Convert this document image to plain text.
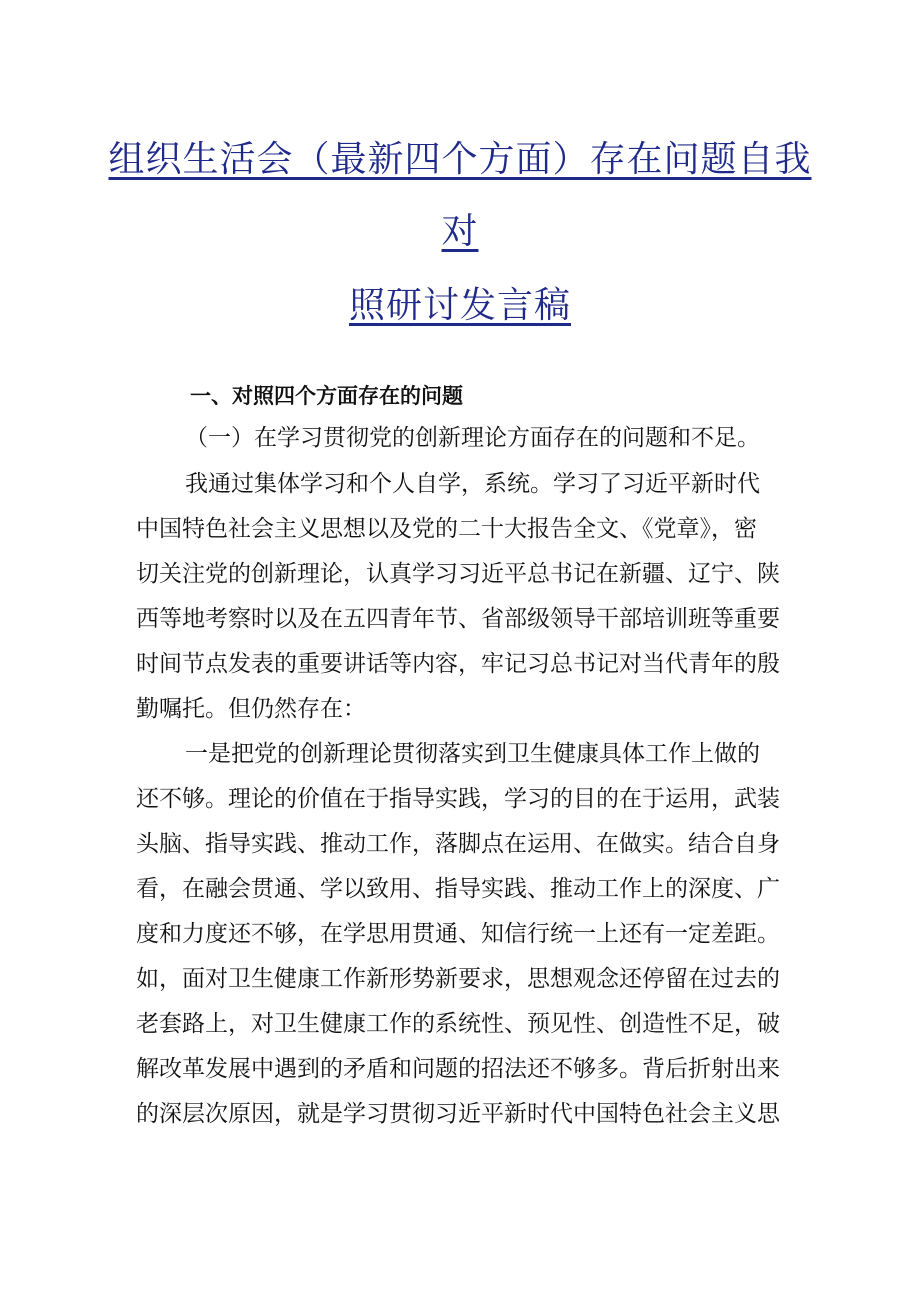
组织生活会（最新四个方面）存在问题自我
对
照研讨发言稿
一、对照四个方面存在的问题
（一）在学习贯彻党的创新理论方面存在的问题和不足。
我通过集体学习和个人自学，系统。学习了习近平新时代
中国特色社会主义思想以及党的二十大报告全文、《党章》，密
切关注党的创新理论，认真学习习近平总书记在新疆、辽宁、陕
西等地考察时以及在五四青年节、省部级领导干部培训班等重要
时间节点发表的重要讲话等内容，牢记习总书记对当代青年的殷
勤嘱托。但仍然存在：
一是把党的创新理论贯彻落实到卫生健康具体工作上做的
还不够。理论的价值在于指导实践，学习的目的在于运用，武装
头脑、指导实践、推动工作，落脚点在运用、在做实。结合自身
看，在融会贯通、学以致用、指导实践、推动工作上的深度、广
度和力度还不够，在学思用贯通、知信行统一上还有一定差距。
如，面对卫生健康工作新形势新要求，思想观念还停留在过去的
老套路上，对卫生健康工作的系统性、预见性、创造性不足，破
解改革发展中遇到的矛盾和问题的招法还不够多。背后折射出来
的深层次原因，就是学习贯彻习近平新时代中国特色社会主义思
